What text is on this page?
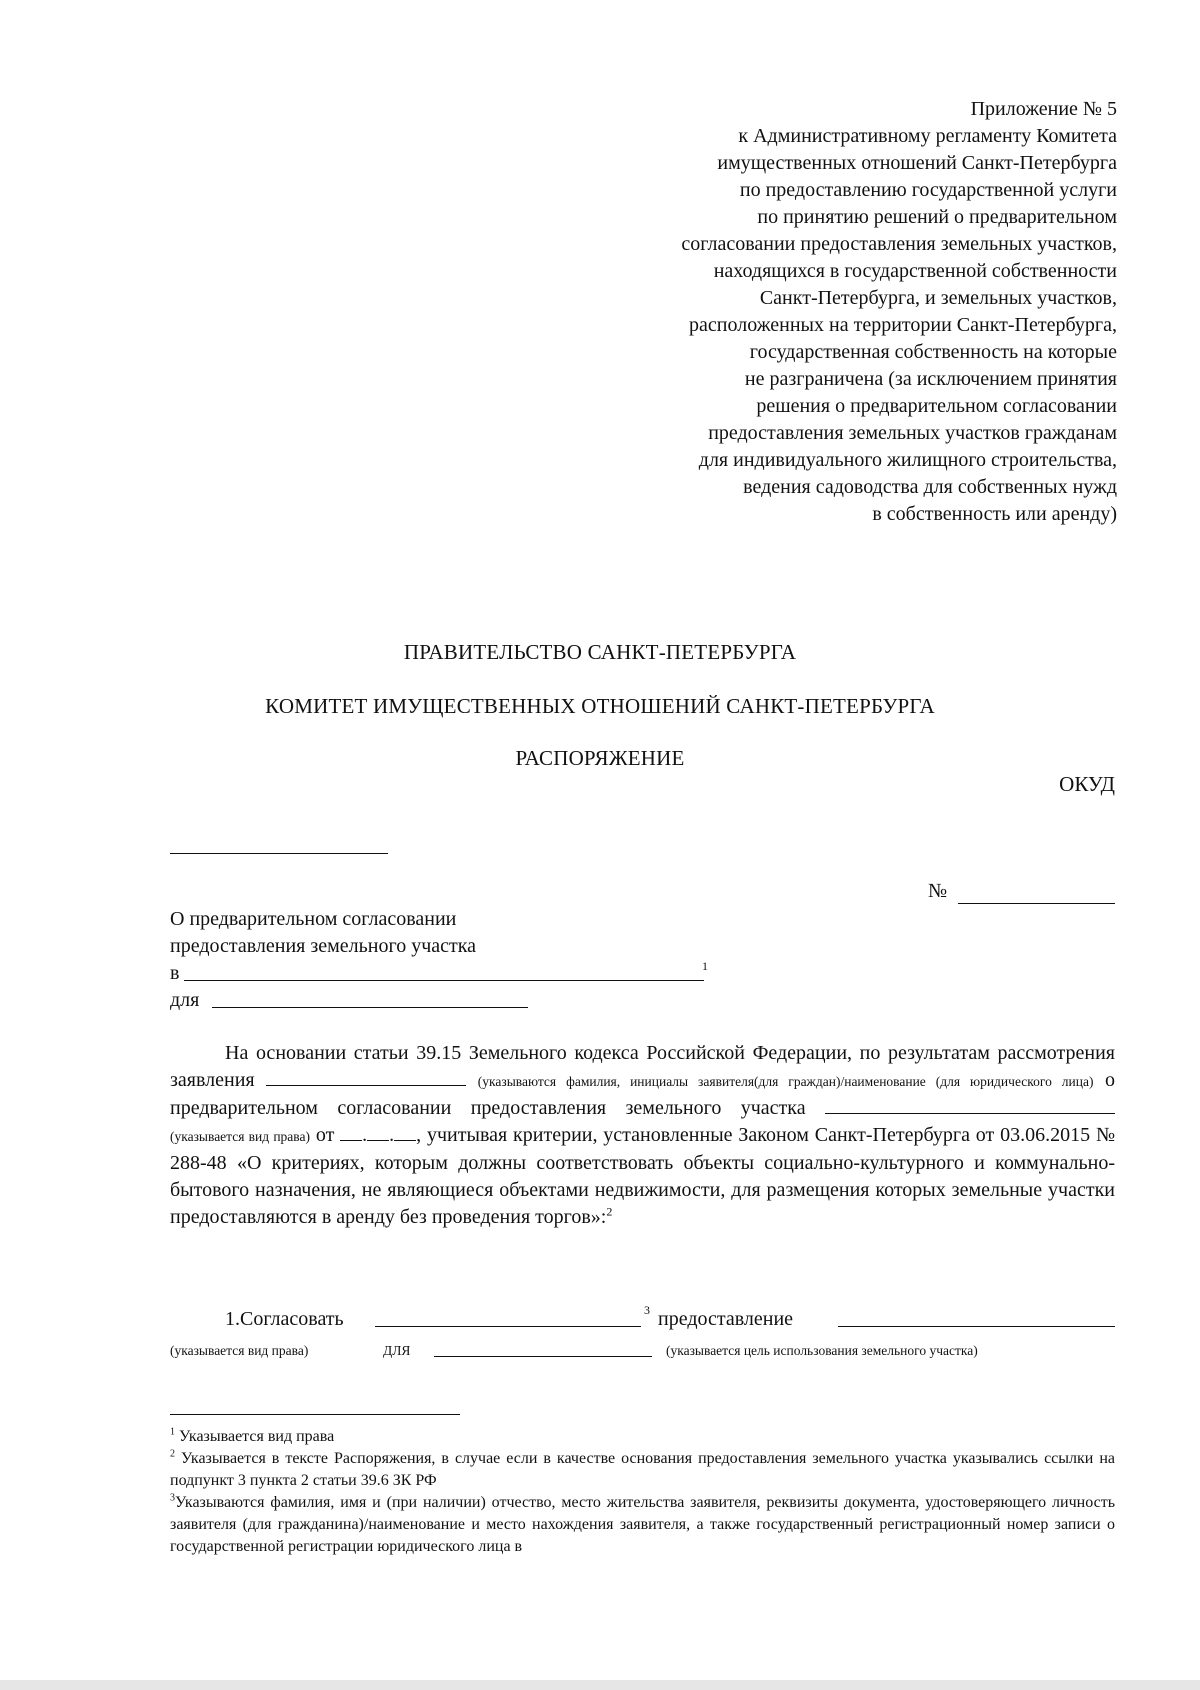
Приложение № 5
к Административному регламенту Комитета
имущественных отношений Санкт-Петербурга
по предоставлению государственной услуги
по принятию решений о предварительном
согласовании предоставления земельных участков,
находящихся в государственной собственности
Санкт-Петербурга, и земельных участков,
расположенных на территории Санкт-Петербурга,
государственная собственность на которые
не разграничена (за исключением принятия
решения о предварительном согласовании
предоставления земельных участков гражданам
для индивидуального жилищного строительства,
ведения садоводства для собственных нужд
в собственность или аренду)
ПРАВИТЕЛЬСТВО САНКТ-ПЕТЕРБУРГА
КОМИТЕТ ИМУЩЕСТВЕННЫХ ОТНОШЕНИЙ САНКТ-ПЕТЕРБУРГА
РАСПОРЯЖЕНИЕ
ОКУД
№
О предварительном согласовании
предоставления земельного участка
в	1
для

На основании статьи 39.15 Земельного кодекса Российской Федерации, по результатам рассмотрения заявления	(указываются фамилия, инициалы заявителя(для граждан)/наименование (для юридического лица) о предварительном согласовании предоставления земельного участка  (указывается вид права) от . . , учитывая критерии, установленные Законом Санкт-Петербурга от 03.06.2015 № 288-48 «О критериях, которым должны соответствовать объекты социально-культурного и коммунально-бытового назначения, не являющиеся объектами недвижимости, для размещения которых земельные участки предоставляются в аренду без проведения торгов»:$^2$

1.Согласовать	3 предоставление
(указывается вид права)	ДЛЯ	(указывается цель использования земельного участка)

$^1$ Указывается вид права

$^2$ Указывается в тексте Распоряжения, в случае если в качестве основания предоставления земельного участка указывались ссылки на подпункт 3 пункта 2 статьи 39.6 ЗК РФ

$^3$Указываются фамилия, имя и (при наличии) отчество, место жительства заявителя, реквизиты документа, удостоверяющего личность заявителя (для гражданина)/наименование и место нахождения заявителя, а также государственный регистрационный номер записи о государственной регистрации юридического лица в
